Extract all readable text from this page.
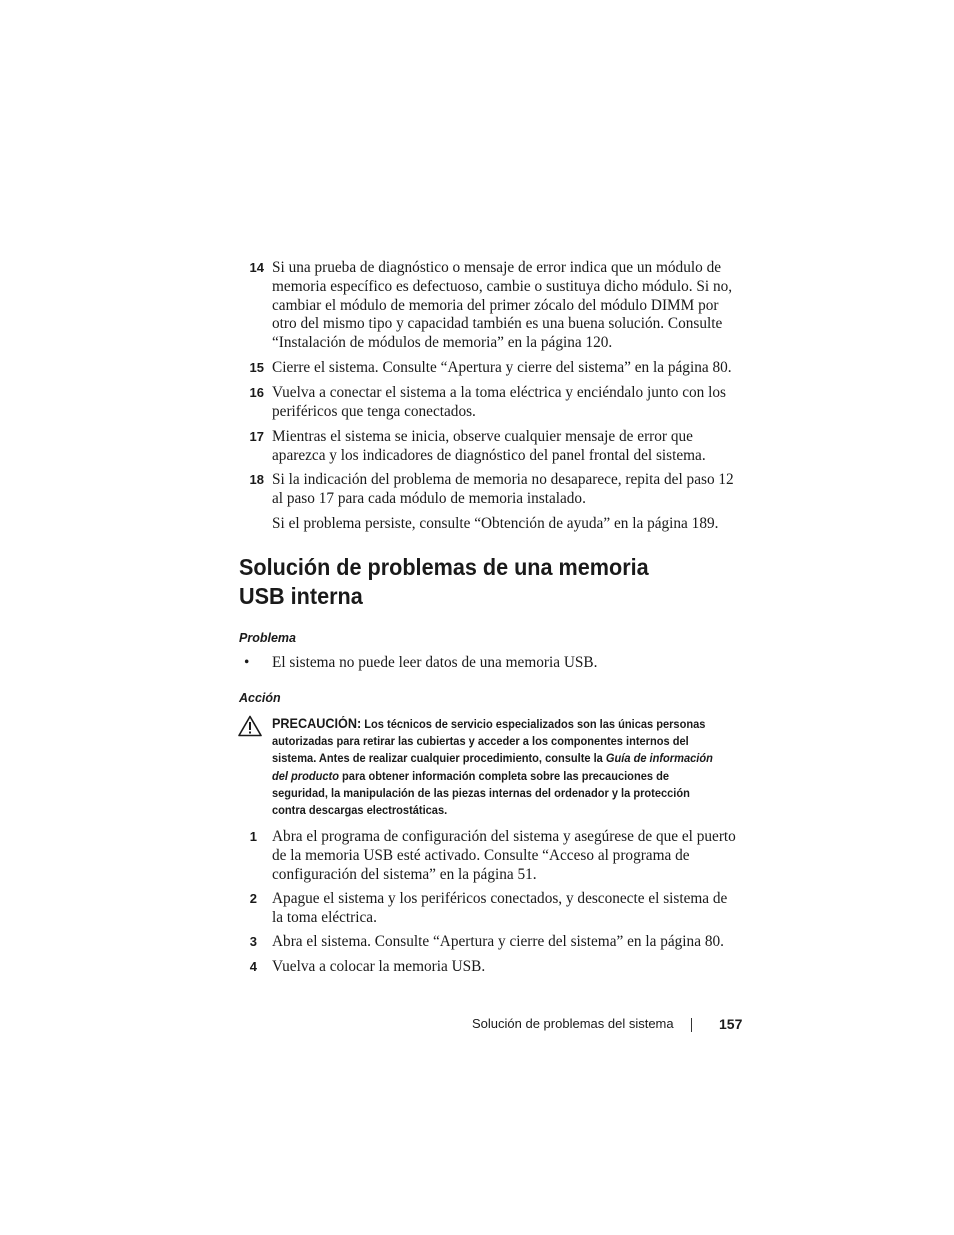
14 Si una prueba de diagnóstico o mensaje de error indica que un módulo de memoria específico es defectuoso, cambie o sustituya dicho módulo. Si no, cambiar el módulo de memoria del primer zócalo del módulo DIMM por otro del mismo tipo y capacidad también es una buena solución. Consulte “Instalación de módulos de memoria” en la página 120.
15 Cierre el sistema. Consulte “Apertura y cierre del sistema” en la página 80.
16 Vuelva a conectar el sistema a la toma eléctrica y enciéndalo junto con los periféricos que tenga conectados.
17 Mientras el sistema se inicia, observe cualquier mensaje de error que aparezca y los indicadores de diagnóstico del panel frontal del sistema.
18 Si la indicación del problema de memoria no desaparece, repita del paso 12 al paso 17 para cada módulo de memoria instalado.
Si el problema persiste, consulte “Obtención de ayuda” en la página 189.
Solución de problemas de una memoria
USB interna
Problema
• El sistema no puede leer datos de una memoria USB.
Acción
PRECAUCIÓN: Los técnicos de servicio especializados son las únicas personas autorizadas para retirar las cubiertas y acceder a los componentes internos del sistema. Antes de realizar cualquier procedimiento, consulte la Guía de información del producto para obtener información completa sobre las precauciones de seguridad, la manipulación de las piezas internas del ordenador y la protección contra descargas electrostáticas.
1 Abra el programa de configuración del sistema y asegúrese de que el puerto de la memoria USB esté activado. Consulte “Acceso al programa de configuración del sistema” en la página 51.
2 Apague el sistema y los periféricos conectados, y desconecte el sistema de la toma eléctrica.
3 Abra el sistema. Consulte “Apertura y cierre del sistema” en la página 80.
4 Vuelva a colocar la memoria USB.
Solución de problemas del sistema	157
